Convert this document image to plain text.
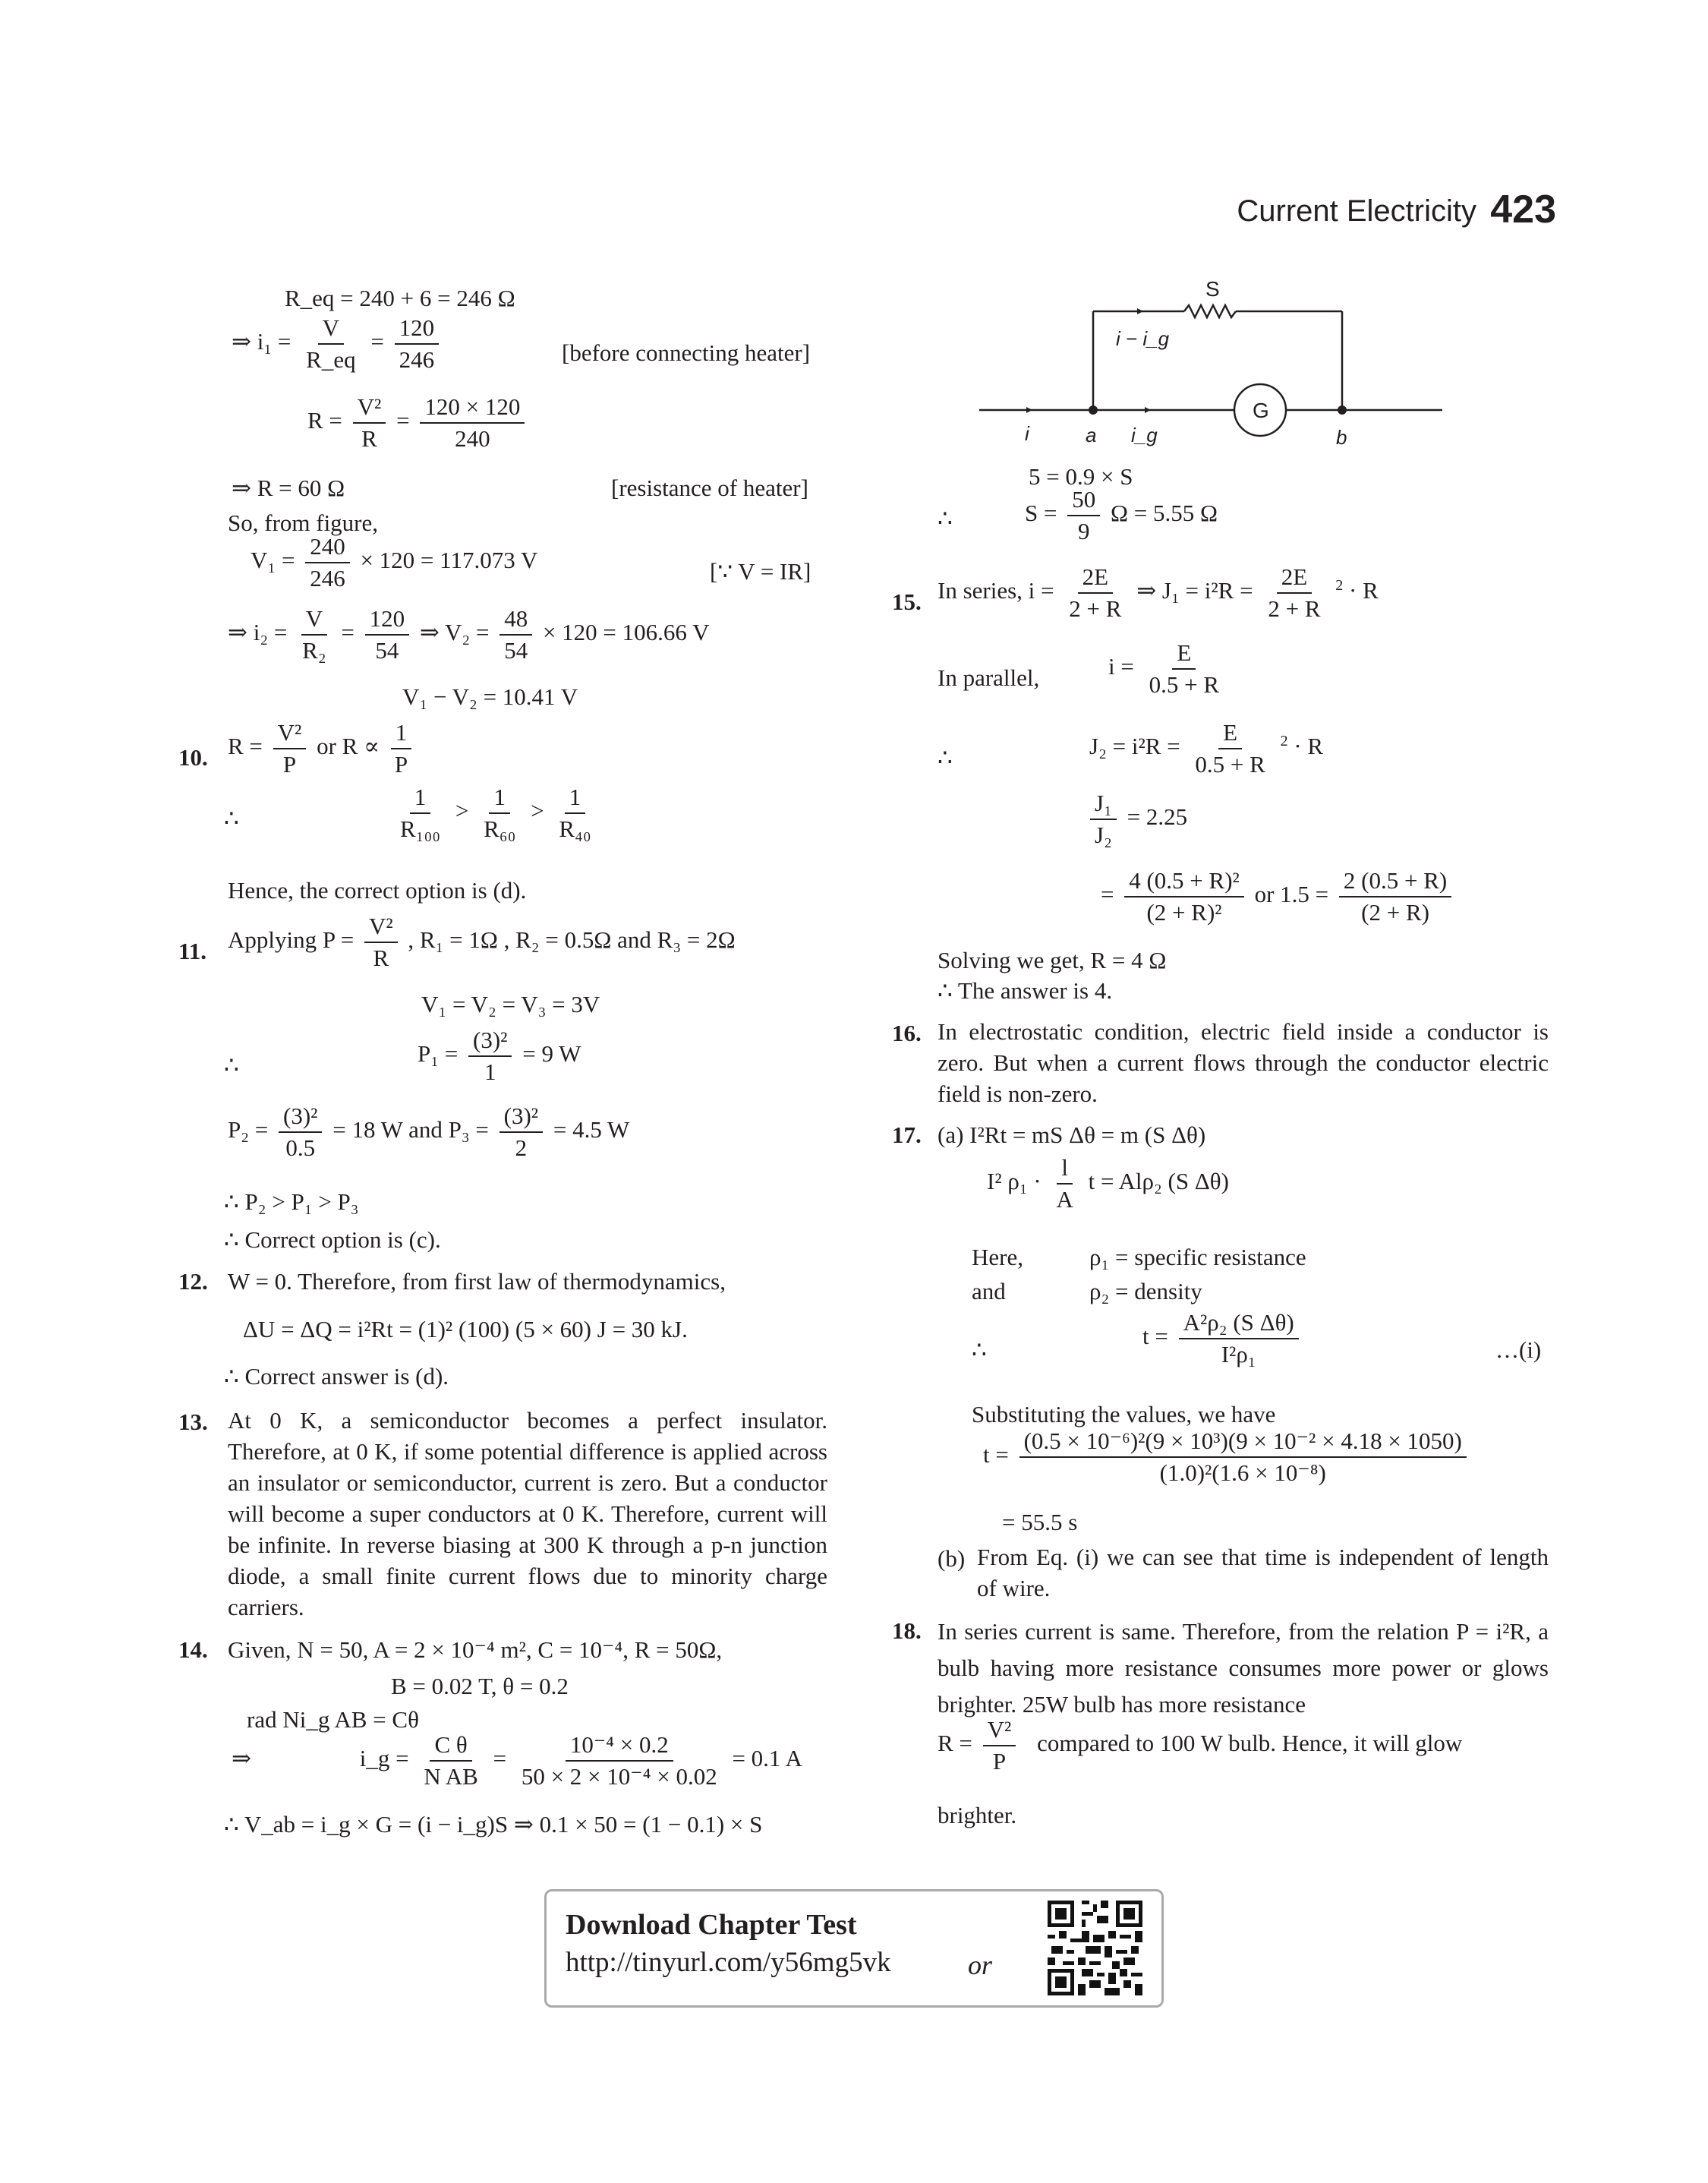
Current Electricity 423
R_eq = 240 + 6 = 246 Ω
⇒ $i_1 = \frac{V}{R\_eq} = \frac{120}{246}$	[before connecting heater]
$R = \frac{\text{V²}}{R} = \frac{120 \times 120}{240}$
⇒ R = 60 Ω	[resistance of heater]
So, from figure,
$V_1 = \frac{240}{246} \times 120 = 117.073$ V	[∵ V = IR]
⇒ $i_2 = \frac{V}{\text{R₂}} = \frac{120}{54}$ ⇒ $V_2 = \frac{48}{54} \times 120 = 106.66$ V
V₁ − V₂ = 10.41 V
10. $R = \frac{\text{V²}}{P}$ or $R \propto \frac{1}{P}$
∴	$\frac{1}{\text{R₁₀₀}} > \frac{1}{\text{R₆₀}} > \frac{1}{\text{R₄₀}}$
Hence, the correct option is (d).
11. Applying $P = \frac{\text{V²}}{R}$ , R₁ = 1Ω , R₂ = 0.5Ω and R₃ = 2Ω
V₁ = V₂ = V₃ = 3V
∴	$P_1 = \frac{\text{(3)²}}{1} = 9$ W
$P_2 = \frac{\text{(3)²}}{0.5} = 18$ W and $P_3 = \frac{\text{(3)²}}{2} = 4.5$ W
∴ P₂ > P₁ > P₃
∴ Correct option is (c).
12. W = 0. Therefore, from first law of thermodynamics,
ΔU = ΔQ = i²Rt = (1)² (100) (5 × 60) J = 30 kJ.
∴ Correct answer is (d).
13. At 0 K, a semiconductor becomes a perfect insulator. Therefore, at 0 K, if some potential difference is applied across an insulator or semiconductor, current is zero. But a conductor will become a super conductors at 0 K. Therefore, current will be infinite. In reverse biasing at 300 K through a p-n junction diode, a small finite current flows due to minority charge carriers.
14. Given, N = 50, A = 2 × 10⁻⁴ m², C = 10⁻⁴, R = 50Ω,
B = 0.02 T, θ = 0.2
rad Ni_g AB = Cθ
⇒	i_g = $\frac{\text{C θ}}{\text{N AB}} = \frac{\text{10⁻⁴ × 0.2}}{\text{50 × 2 × 10⁻⁴ × 0.02}} = 0.1$ A
∴ V_ab = i_g × G = (i − i_g)S ⇒ 0.1 × 50 = (1 − 0.1) × S
S
i − i_g
G
i	a i_g	b
5 = 0.9 × S
∴	$S = \frac{50}{9}$ Ω = 5.55 Ω
15. In series, $i = \frac{2E}{2 + R}$ ⇒ $J_1 = i^2R = \frac{2E}{2 + R} ^2 \cdot R$
In parallel,	$i = \frac{E}{0.5 + R}$
∴	$J_2 = i^2R = \frac{E}{0.5 + R} ^2 \cdot R$
$\frac{\text{J₁}}{\text{J₂}} = 2.25$
= $\frac{\text{4 (0.5 + R)²}}{\text{(2 + R)²}}$ or $1.5 = \frac{2 (0.5 + R)}{(2 + R)}$
Solving we get, R = 4 Ω
∴ The answer is 4.
16. In electrostatic condition, electric field inside a conductor is zero. But when a current flows through the conductor electric field is non-zero.
17. (a) I²Rt = mS Δθ = m (S Δθ)
I² $\rho_1 \cdot \frac{l}{A}$ t = Alρ₂ (S Δθ)
Here,	ρ₁ = specific resistance
and	ρ₂ = density
∴
$t = \frac{\text{A²ρ₂ (S Δθ)}}{\text{I²ρ₁}}$	…(i)
Substituting the values, we have
$t = \frac{\text{(0.5 × 10⁻⁶)²(9 × 10³)(9 × 10⁻² × 4.18 × 1050)}}{\text{(1.0)²(1.6 × 10⁻⁸)}}$
= 55.5 s
(b) From Eq. (i) we can see that time is independent of length of wire.
18. In series current is same. Therefore, from the relation P = i²R, a bulb having more resistance consumes more power or glows brighter. 25W bulb has more resistance
$R = \frac{\text{V²}}{P}$ compared to 100 W bulb. Hence, it will glow
brighter.
Download Chapter Test
http://tinyurl.com/y56mg5vk	or
